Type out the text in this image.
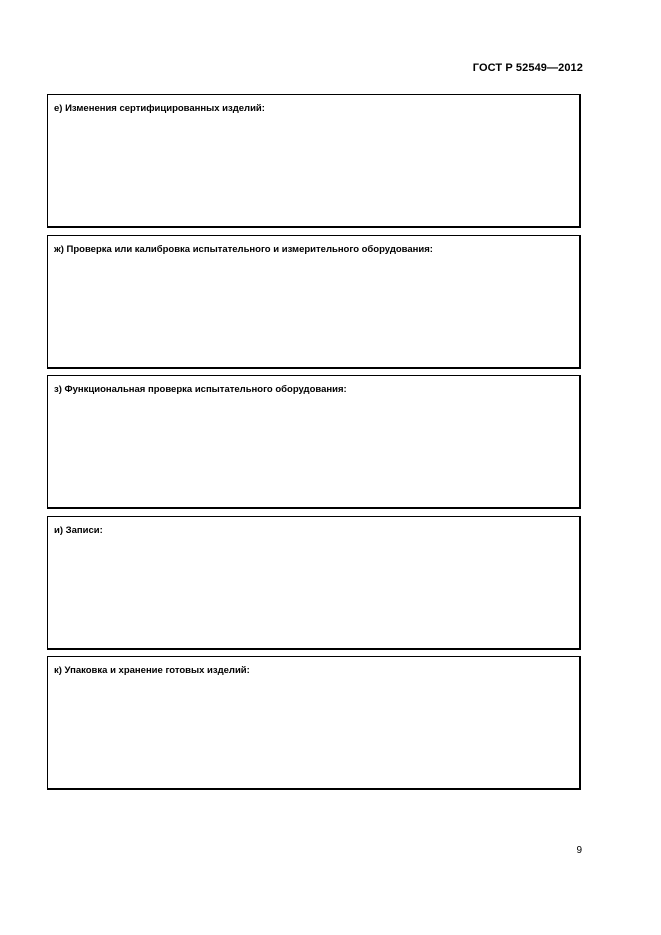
ГОСТ Р 52549—2012
е) Изменения сертифицированных изделий:
ж) Проверка или калибровка испытательного и измерительного оборудования:
з) Функциональная проверка испытательного оборудования:
и) Записи:
к) Упаковка и хранение готовых изделий:
9
